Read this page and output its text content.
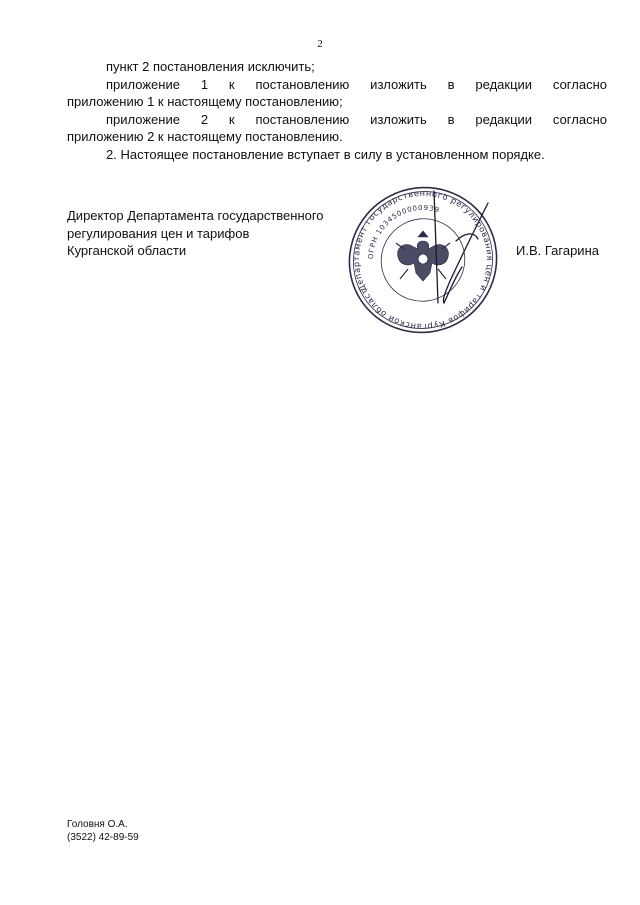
2

пункт 2 постановления исключить;

приложение 1 к постановлению изложить в редакции согласно

приложению 1 к настоящему постановлению;

приложение 2 к постановлению изложить в редакции согласно

приложению 2 к настоящему постановлению.

2. Настоящее постановление вступает в силу в установленном порядке.

Директор Департамента государственного
регулирования цен и тарифов
Курганской области
Департамент государственного регулирования цен и тарифов Курганской области
ОГРН 1034500000939
И.В. Гагарина
Головня О.А.
(3522) 42-89-59
